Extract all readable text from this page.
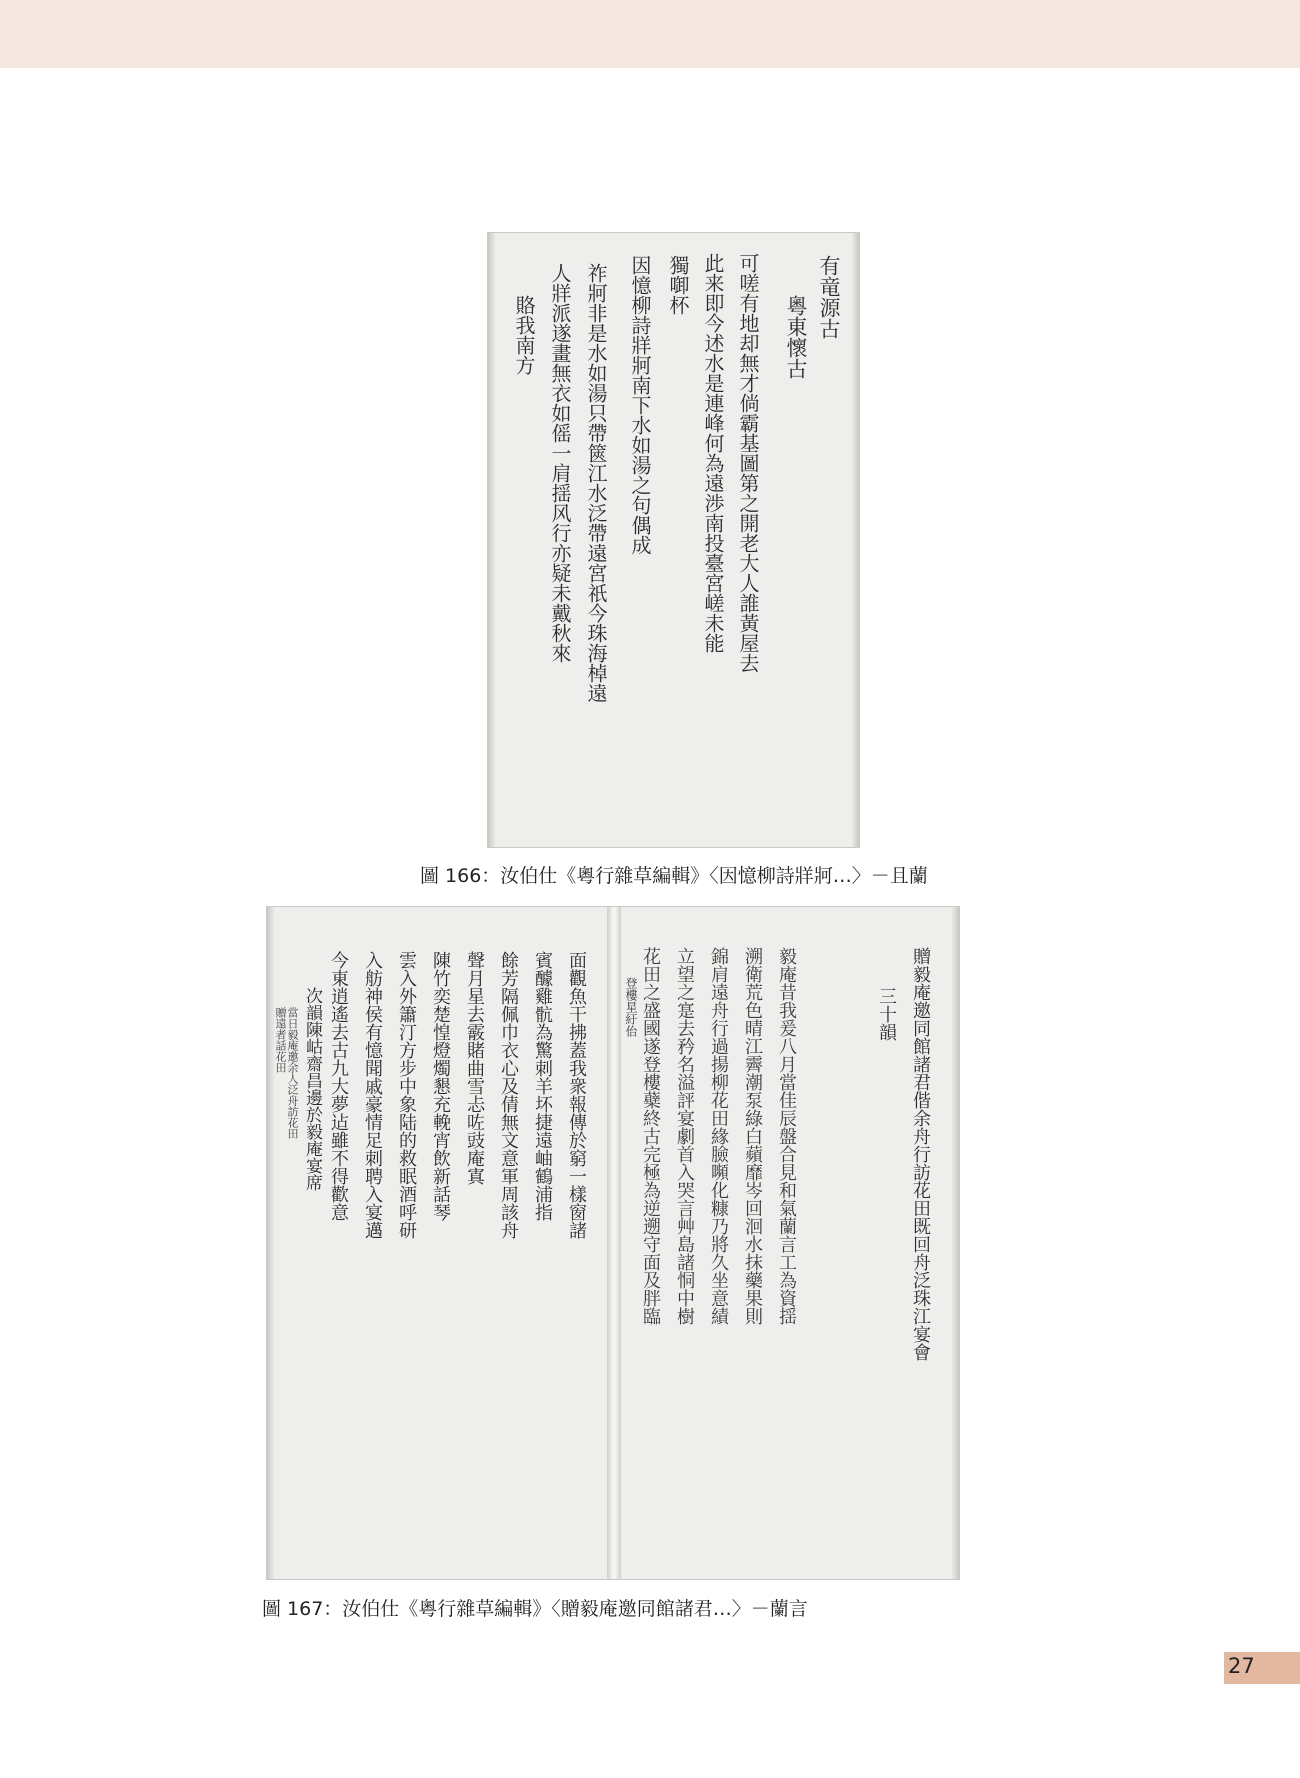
有竜源古
粵東懷古
可嗟有地却無才倘霸基圖第之開老大人誰黃屋去
此来即今述水是連峰何為遠渉南投臺宮嵯未能
獨啣杯
因憶柳詩牂牁南下水如湯之句偶成
祚牁非是水如湯只帶篋江水泛帶遠宮祇今珠海棹遠
人牂派遂畫無衣如傜一肩揺风行亦疑未戴秋來
賂我南方
圖 166：汝伯仕《粵行雜草編輯》〈因憶柳詩牂牁…〉－且蘭
贈毅庵邀同館諸君偕余舟行訪花田既回舟泛珠江宴會
三十韻
毅庵昔我爰八月當佳辰盤合見和氣蘭言工為資揺
溯衛荒色晴江霽潮泵綠白蘋靡岑回洄水抹藥果則
錦肩遠舟行過揚柳花田緣臉嚬化糠乃將久坐意績
立望之寔去矜名溢評宴劇首入哭言艸島諸恫中樹
花田之盛國遂登樓蘗終古完極為逆遡守面及胖臨
登樓星紆佁
面觀魚干拂蓋我衆報傳於窮一樣窗諸
賓醵雞骯為驚刺羊坏捷遠岫鶴浦指
餘芳隔佩巾衣心及倩無文意軍周該舟
聲月星去霰賭曲雪忐咗豉庵寘
陳竹奕楚惶燈燭懇充輓宵飲新話琴
雲入外簫汀方步中象陆的救眠酒呼研
入舫神侯有憶聞戚豪情足刺聘入宴邁
今東逍遙去古九大夢迠雖不得歡意
次韻陳岵齋昌邊於毅庵宴席
當日毅庵邀余人泛舟訪花田
贈遠者話花田
圖 167：汝伯仕《粵行雜草編輯》〈贈毅庵邀同館諸君…〉－蘭言
27
